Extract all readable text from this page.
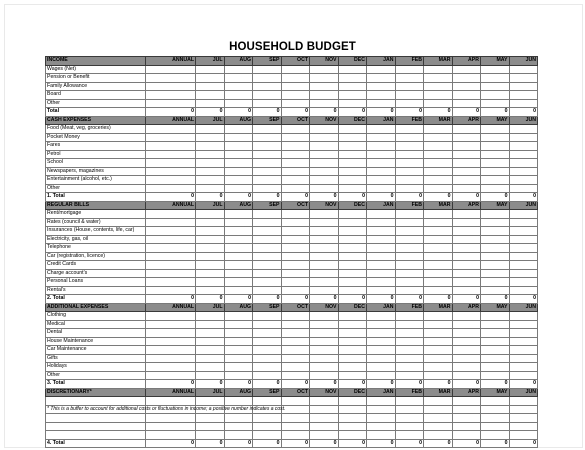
HOUSEHOLD BUDGET
INCOME	ANNUAL	JUL	AUG	SEP	OCT	NOV	DEC	JAN	FEB	MAR	APR	MAY	JUN
Wages (Net)													
Pension or Benefit													
Family Allowance													
Board													
Other													
Total	0	0	0	0	0	0	0	0	0	0	0	0	0
CASH EXPENSES	ANNUAL	JUL	AUG	SEP	OCT	NOV	DEC	JAN	FEB	MAR	APR	MAY	JUN
Food (Meat, veg, groceries)													
Pocket Money													
Fares													
Petrol													
School													
Newspapers, magazines													
Entertainment (alcohol, etc.)													
Other													
1. Total	0	0	0	0	0	0	0	0	0	0	0	0	0
REGULAR BILLS	ANNUAL	JUL	AUG	SEP	OCT	NOV	DEC	JAN	FEB	MAR	APR	MAY	JUN
Rent/mortgage													
Rates (council & water)													
Insurances (House, contents, life, car)													
Electricity, gas, oil													
Telephone													
Car (registration, licence)													
Credit Cards													
Charge account's													
Personal Loans													
Rental's													
2. Total	0	0	0	0	0	0	0	0	0	0	0	0	0
ADDITIONAL EXPENSES	ANNUAL	JUL	AUG	SEP	OCT	NOV	DEC	JAN	FEB	MAR	APR	MAY	JUN
Clothing													
Medical													
Dental													
House Maintenance													
Car Maintenance													
Gifts													
Holidays													
Other													
3. Total	0	0	0	0	0	0	0	0	0	0	0	0	0
DISCRETIONARY*	ANNUAL	JUL	AUG	SEP	OCT	NOV	DEC	JAN	FEB	MAR	APR	MAY	JUN

4. Total	0	0	0	0	0	0	0	0	0	0	0	0	0
* This is a buffer to account for additional costs or fluctuations in income; a positive number indicates a cost.
